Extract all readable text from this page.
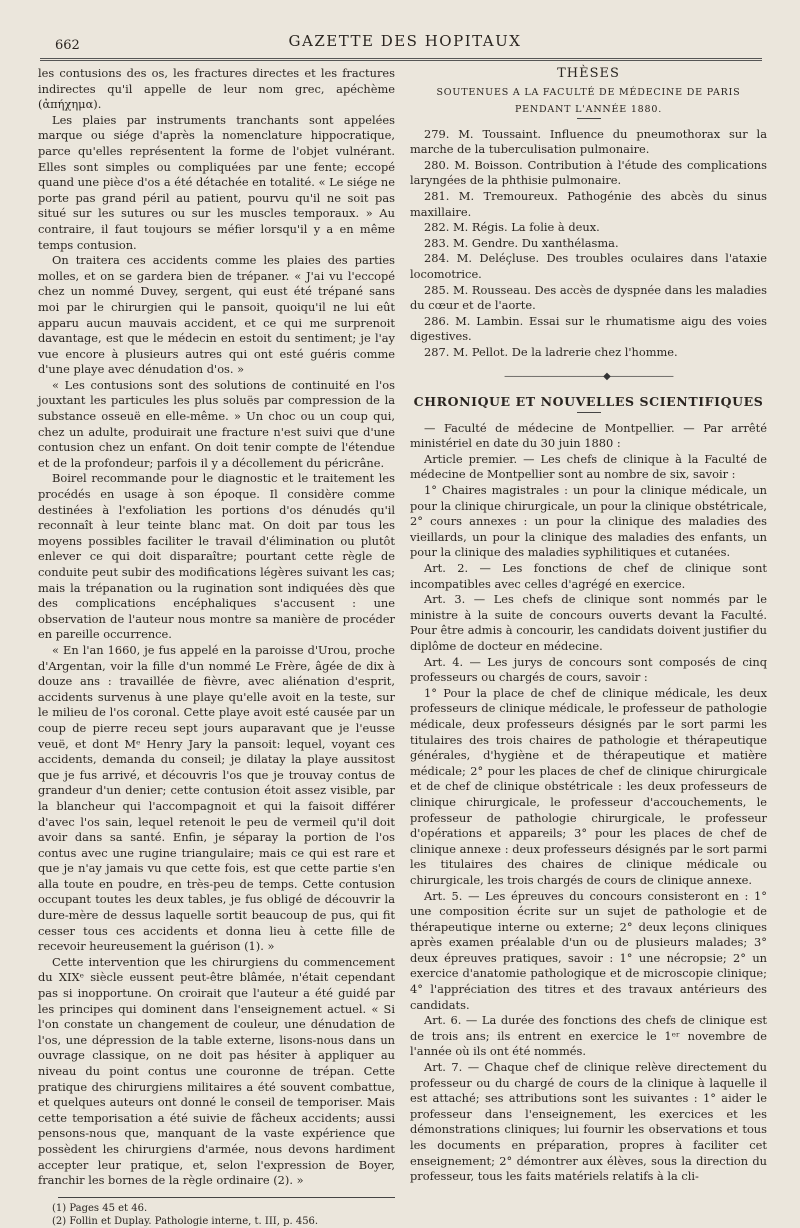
662	GAZETTE DES HOPITAUX

les contusions des os, les fractures directes et les fractures indirectes qu'il appelle de leur nom grec, apéchème (ἀπήχημα).

Les plaies par instruments tranchants sont appelées marque ou siége d'après la nomenclature hippocratique, parce qu'elles représentent la forme de l'objet vulnérant. Elles sont simples ou compliquées par une fente; eccopé quand une pièce d'os a été détachée en totalité. « Le siége ne porte pas grand péril au patient, pourvu qu'il ne soit pas situé sur les sutures ou sur les muscles temporaux. » Au contraire, il faut toujours se méfier lorsqu'il y a en même temps contusion.

On traitera ces accidents comme les plaies des parties molles, et on se gardera bien de trépaner. « J'ai vu l'eccopé chez un nommé Duvey, sergent, qui eust été trépané sans moi par le chirurgien qui le pansoit, quoiqu'il ne lui eût apparu aucun mauvais accident, et ce qui me surprenoit davantage, est que le médecin en estoit du sentiment; je l'ay vue encore à plusieurs autres qui ont esté guéris comme d'une playe avec dénudation d'os. »

« Les contusions sont des solutions de continuité en l'os jouxtant les particules les plus soluës par compression de la substance osseuë en elle-même. » Un choc ou un coup qui, chez un adulte, produirait une fracture n'est suivi que d'une contusion chez un enfant. On doit tenir compte de l'étendue et de la profondeur; parfois il y a décollement du péricrâne.

Boirel recommande pour le diagnostic et le traitement les procédés en usage à son époque. Il considère comme destinées à l'exfoliation les portions d'os dénudés qu'il reconnaît à leur teinte blanc mat. On doit par tous les moyens possibles faciliter le travail d'élimination ou plutôt enlever ce qui doit disparaître; pourtant cette règle de conduite peut subir des modifications légères suivant les cas; mais la trépanation ou la rugination sont indiquées dès que des complications encéphaliques s'accusent : une observation de l'auteur nous montre sa manière de procéder en pareille occurrence.

« En l'an 1660, je fus appelé en la paroisse d'Urou, proche d'Argentan, voir la fille d'un nommé Le Frère, âgée de dix à douze ans : travaillée de fièvre, avec aliénation d'esprit, accidents survenus à une playe qu'elle avoit en la teste, sur le milieu de l'os coronal. Cette playe avoit esté causée par un coup de pierre receu sept jours auparavant que je l'eusse veuë, et dont Mᵉ Henry Jary la pansoit: lequel, voyant ces accidents, demanda du conseil; je dilatay la playe aussitost que je fus arrivé, et découvris l'os que je trouvay contus de grandeur d'un denier; cette contusion étoit assez visible, par la blancheur qui l'accompagnoit et qui la faisoit différer d'avec l'os sain, lequel retenoit le peu de vermeil qu'il doit avoir dans sa santé. Enfin, je séparay la portion de l'os contus avec une rugine triangulaire; mais ce qui est rare et que je n'ay jamais vu que cette fois, est que cette partie s'en alla toute en poudre, en très-peu de temps. Cette contusion occupant toutes les deux tables, je fus obligé de découvrir la dure-mère de dessus laquelle sortit beaucoup de pus, qui fit cesser tous ces accidents et donna lieu à cette fille de recevoir heureusement la guérison (1). »

Cette intervention que les chirurgiens du commencement du XIXᵉ siècle eussent peut-être blâmée, n'était cependant pas si inopportune. On croirait que l'auteur a été guidé par les principes qui dominent dans l'enseignement actuel. « Si l'on constate un changement de couleur, une dénudation de l'os, une dépression de la table externe, lisons-nous dans un ouvrage classique, on ne doit pas hésiter à appliquer au niveau du point contus une couronne de trépan. Cette pratique des chirurgiens militaires a été souvent combattue, et quelques auteurs ont donné le conseil de temporiser. Mais cette temporisation a été suivie de fâcheux accidents; aussi pensons-nous que, manquant de la vaste expérience que possèdent les chirurgiens d'armée, nous devons hardiment accepter leur pratique, et, selon l'expression de Boyer, franchir les bornes de la règle ordinaire (2). »

(1) Pages 45 et 46.

(2) Follin et Duplay. Pathologie interne, t. III, p. 456.

THÈSES
SOUTENUES A LA FACULTÉ DE MÉDECINE DE PARIS
PENDANT L'ANNÉE 1880.

279. M. Toussaint. Influence du pneumothorax sur la marche de la tuberculisation pulmonaire.

280. M. Boisson. Contribution à l'étude des complications laryngées de la phthisie pulmonaire.

281. M. Tremoureux. Pathogénie des abcès du sinus maxillaire.

282. M. Régis. La folie à deux.

283. M. Gendre. Du xanthélasma.

284. M. Deléçluse. Des troubles oculaires dans l'ataxie locomotrice.

285. M. Rousseau. Des accès de dyspnée dans les maladies du cœur et de l'aorte.

286. M. Lambin. Essai sur le rhumatisme aigu des voies digestives.

287. M. Pellot. De la ladrerie chez l'homme.

———————————◆———————
CHRONIQUE ET NOUVELLES SCIENTIFIQUES

— Faculté de médecine de Montpellier. — Par arrêté ministériel en date du 30 juin 1880 :

Article premier. — Les chefs de clinique à la Faculté de médecine de Montpellier sont au nombre de six, savoir :

1° Chaires magistrales : un pour la clinique médicale, un pour la clinique chirurgicale, un pour la clinique obstétricale, 2° cours annexes : un pour la clinique des maladies des vieillards, un pour la clinique des maladies des enfants, un pour la clinique des maladies syphilitiques et cutanées.

Art. 2. — Les fonctions de chef de clinique sont incompatibles avec celles d'agrégé en exercice.

Art. 3. — Les chefs de clinique sont nommés par le ministre à la suite de concours ouverts devant la Faculté. Pour être admis à concourir, les candidats doivent justifier du diplôme de docteur en médecine.

Art. 4. — Les jurys de concours sont composés de cinq professeurs ou chargés de cours, savoir :

1° Pour la place de chef de clinique médicale, les deux professeurs de clinique médicale, le professeur de pathologie médicale, deux professeurs désignés par le sort parmi les titulaires des trois chaires de pathologie et thérapeutique générales, d'hygiène et de thérapeutique et matière médicale; 2° pour les places de chef de clinique chirurgicale et de chef de clinique obstétricale : les deux professeurs de clinique chirurgicale, le professeur d'accouchements, le professeur de pathologie chirurgicale, le professeur d'opérations et appareils; 3° pour les places de chef de clinique annexe : deux professeurs désignés par le sort parmi les titulaires des chaires de clinique médicale ou chirurgicale, les trois chargés de cours de clinique annexe.

Art. 5. — Les épreuves du concours consisteront en : 1° une composition écrite sur un sujet de pathologie et de thérapeutique interne ou externe; 2° deux leçons cliniques après examen préalable d'un ou de plusieurs malades; 3° deux épreuves pratiques, savoir : 1° une nécropsie; 2° un exercice d'anatomie pathologique et de microscopie clinique; 4° l'appréciation des titres et des travaux antérieurs des candidats.

Art. 6. — La durée des fonctions des chefs de clinique est de trois ans; ils entrent en exercice le 1ᵉʳ novembre de l'année où ils ont été nommés.

Art. 7. — Chaque chef de clinique relève directement du professeur ou du chargé de cours de la clinique à laquelle il est attaché; ses attributions sont les suivantes : 1° aider le professeur dans l'enseignement, les exercices et les démonstrations cliniques; lui fournir les observations et tous les documents en préparation, propres à faciliter cet enseignement; 2° démontrer aux élèves, sous la direction du professeur, tous les faits matériels relatifs à la cli-
